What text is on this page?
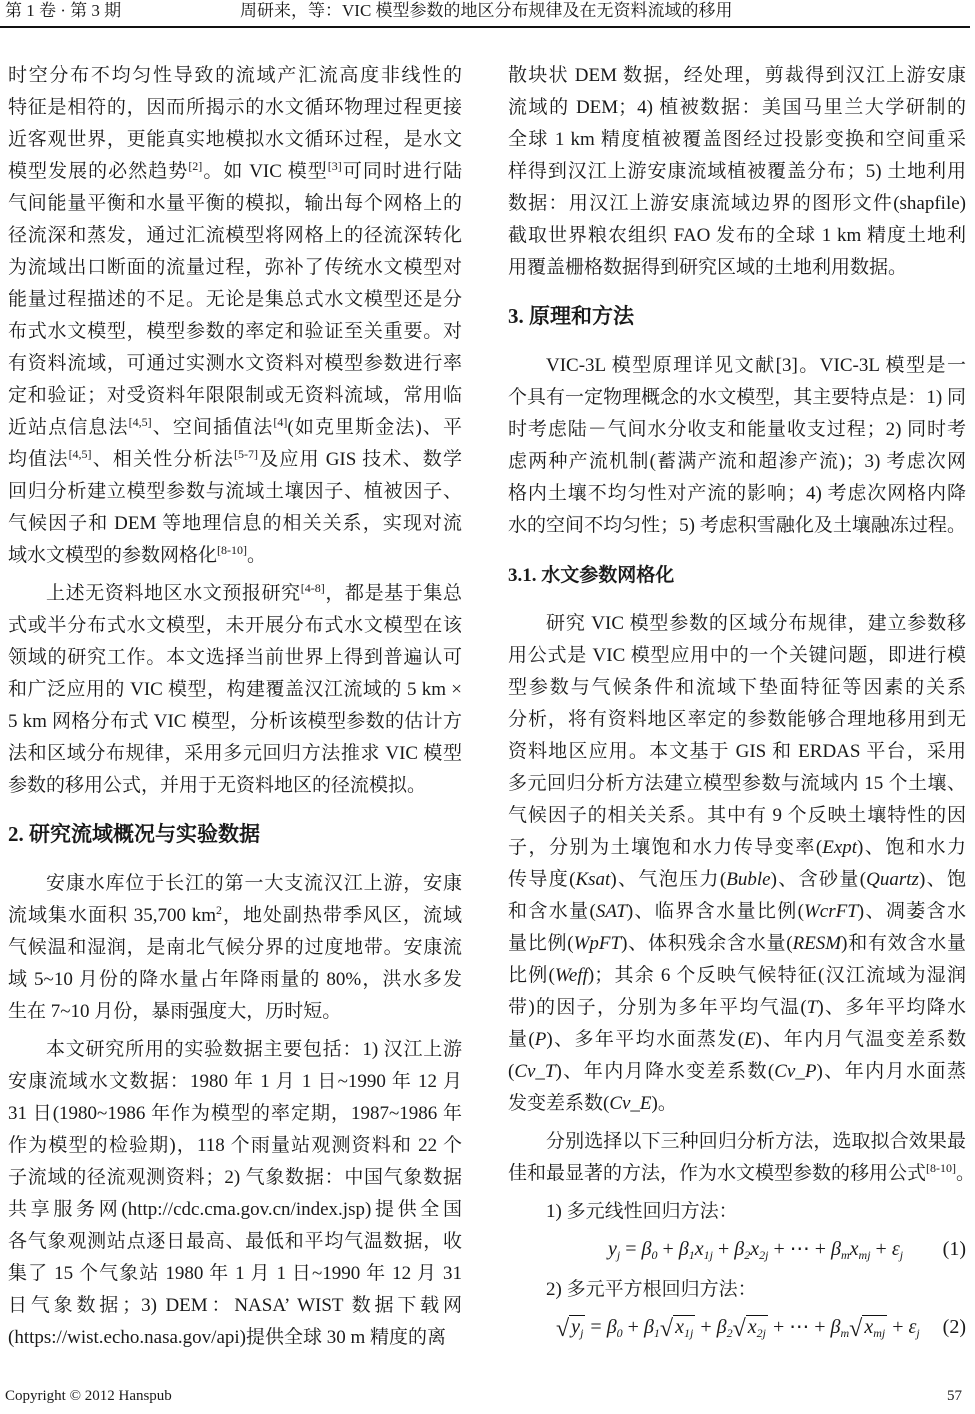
第 1 卷 · 第 3 期	周研来，等：VIC 模型参数的地区分布规律及在无资料流域的移用
时空分布不均匀性导致的流域产汇流高度非线性的
特征是相符的，因而所揭示的水文循环物理过程更接
近客观世界，更能真实地模拟水文循环过程，是水文
模型发展的必然趋势[2]。如 VIC 模型[3]可同时进行陆
气间能量平衡和水量平衡的模拟，输出每个网格上的
径流深和蒸发，通过汇流模型将网格上的径流深转化
为流域出口断面的流量过程，弥补了传统水文模型对
能量过程描述的不足。无论是集总式水文模型还是分
布式水文模型，模型参数的率定和验证至关重要。对
有资料流域，可通过实测水文资料对模型参数进行率
定和验证；对受资料年限限制或无资料流域，常用临
近站点信息法[4,5]、空间插值法[4](如克里斯金法)、平
均值法[4,5]、相关性分析法[5-7]及应用 GIS 技术、数学
回归分析建立模型参数与流域土壤因子、植被因子、
气候因子和 DEM 等地理信息的相关关系，实现对流
域水文模型的参数网格化[8-10]。
上述无资料地区水文预报研究[4-8]，都是基于集总
式或半分布式水文模型，未开展分布式水文模型在该
领域的研究工作。本文选择当前世界上得到普遍认可
和广泛应用的 VIC 模型，构建覆盖汉江流域的 5 km ×
5 km 网格分布式 VIC 模型，分析该模型参数的估计方
法和区域分布规律，采用多元回归方法推求 VIC 模型
参数的移用公式，并用于无资料地区的径流模拟。
2. 研究流域概况与实验数据
安康水库位于长江的第一大支流汉江上游，安康
流域集水面积 35,700 $km^2$，地处副热带季风区，流域
气候温和湿润，是南北气候分界的过度地带。安康流
域 5~10 月份的降水量占年降雨量的 80%，洪水多发
生在 7~10 月份，暴雨强度大，历时短。
本文研究所用的实验数据主要包括：1) 汉江上游
安康流域水文数据：1980 年 1 月 1 日~1990 年 12 月
31 日(1980~1986 年作为模型的率定期，1987~1986 年
作为模型的检验期)，118 个雨量站观测资料和 22 个
子流域的径流观测资料；2) 气象数据：中国气象数据
共享服务网(http://cdc.cma.gov.cn/index.jsp)提供全国
各气象观测站点逐日最高、最低和平均气温数据，收
集了 15 个气象站 1980 年 1 月 1 日~1990 年 12 月 31
日气象数据；3) DEM：NASA’ WIST 数据下载网
(https://wist.echo.nasa.gov/api)提供全球 30 m 精度的离
散块状 DEM 数据，经处理，剪裁得到汉江上游安康
流域的 DEM；4) 植被数据：美国马里兰大学研制的
全球 1 km 精度植被覆盖图经过投影变换和空间重采
样得到汉江上游安康流域植被覆盖分布；5) 土地利用
数据：用汉江上游安康流域边界的图形文件(shapfile)
截取世界粮农组织 FAO 发布的全球 1 km 精度土地利
用覆盖栅格数据得到研究区域的土地利用数据。
3. 原理和方法
VIC-3L 模型原理详见文献[3]。VIC-3L 模型是一
个具有一定物理概念的水文模型，其主要特点是：1) 同
时考虑陆－气间水分收支和能量收支过程；2) 同时考
虑两种产流机制(蓄满产流和超渗产流)；3) 考虑次网
格内土壤不均匀性对产流的影响；4) 考虑次网格内降
水的空间不均匀性；5) 考虑积雪融化及土壤融冻过程。
3.1. 水文参数网格化
研究 VIC 模型参数的区域分布规律，建立参数移
用公式是 VIC 模型应用中的一个关键问题，即进行模
型参数与气候条件和流域下垫面特征等因素的关系
分析，将有资料地区率定的参数能够合理地移用到无
资料地区应用。本文基于 GIS 和 ERDAS 平台，采用
多元回归分析方法建立模型参数与流域内 15 个土壤、
气候因子的相关关系。其中有 9 个反映土壤特性的因
子，分别为土壤饱和水力传导变率(Expt)、饱和水力
传导度(Ksat)、气泡压力(Buble)、含砂量(Quartz)、饱
和含水量(SAT)、临界含水量比例(WcrFT)、凋萎含水
量比例(WpFT)、体积残余含水量(RESM)和有效含水量
比例(Weff)；其余 6 个反映气候特征(汉江流域为湿润
带)的因子，分别为多年平均气温(T)、多年平均降水
量(P)、多年平均水面蒸发(E)、年内月气温变差系数
(Cv_T)、年内月降水变差系数(Cv_P)、年内月水面蒸
发变差系数(Cv_E)。
分别选择以下三种回归分析方法，选取拟合效果最
佳和最显著的方法，作为水文模型参数的移用公式[8-10]。
1) 多元线性回归方法：
$y_j = \beta_0 + \beta_1x_{1j} + \beta_2x_{2j}$ + ⋯ + $\beta_mx_{mj} + \varepsilon_j$ (1)
2) 多元平方根回归方法：
√ $y_j = \beta_0 + \beta_1√$ $x_{1j} + \beta_2√$ $x_{2j}$ + ⋯ + $\beta_m√$ $x_{mj} + \varepsilon_j$ (2)
Copyright © 2012 Hanspub	57
